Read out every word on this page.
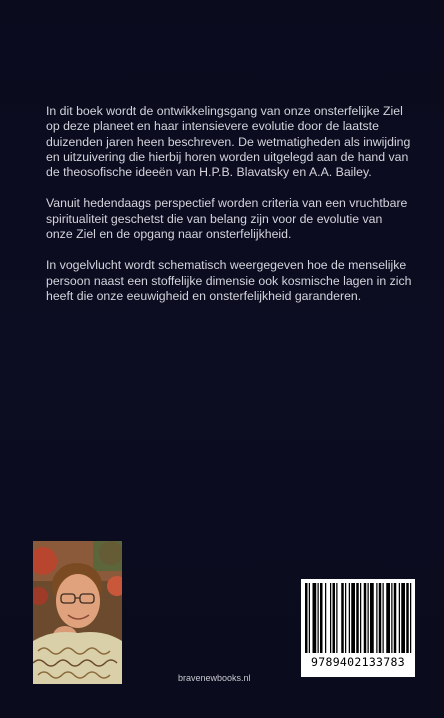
In dit boek wordt de ontwikkelingsgang van onze onsterfelijke Ziel op deze planeet en haar intensievere evolutie door de laatste duizenden jaren heen beschreven. De wetmatigheden als inwijding en uitzuivering die hierbij horen worden uitgelegd aan de hand van de theosofische ideeën van H.P.B. Blavatsky en A.A. Bailey.

Vanuit hedendaags perspectief worden criteria van een vruchtbare spiritualiteit geschetst die van belang zijn voor de evolutie van onze Ziel en de opgang naar onsterfelijkheid.

In vogelvlucht wordt schematisch weergegeven hoe de menselijke persoon naast een stoffelijke dimensie ook kosmische lagen in zich heeft die onze eeuwigheid en onsterfelijkheid garanderen.

bravenewbooks.nl
9789402133783
